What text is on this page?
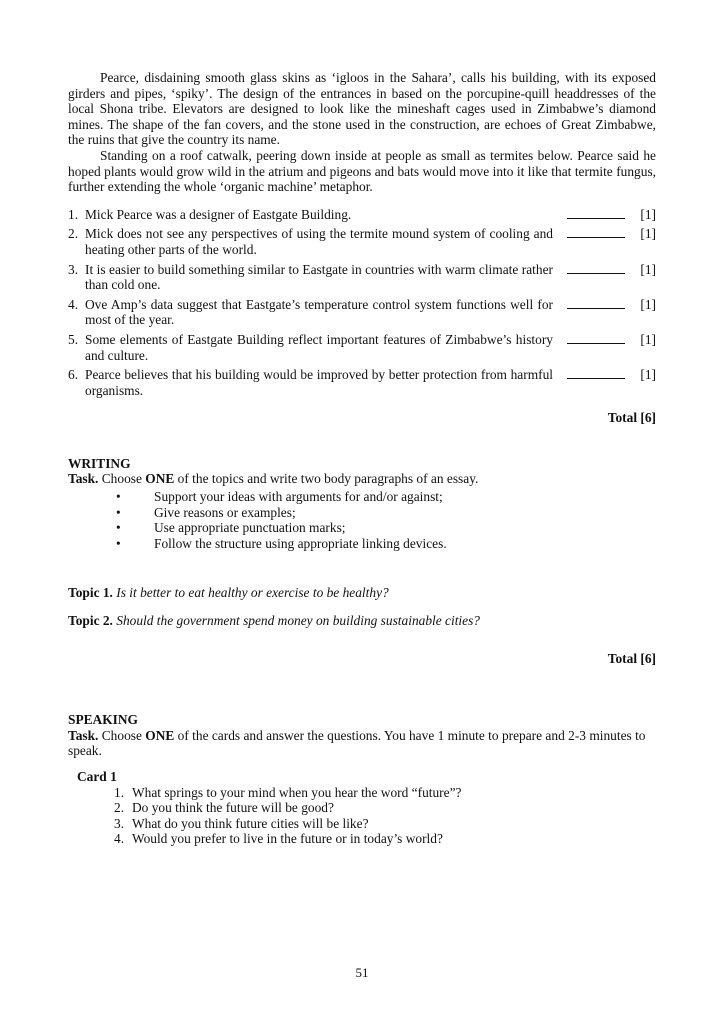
Pearce, disdaining smooth glass skins as ‘igloos in the Sahara’, calls his building, with its exposed girders and pipes, ‘spiky’. The design of the entrances in based on the porcupine-quill headdresses of the local Shona tribe. Elevators are designed to look like the mineshaft cages used in Zimbabwe’s diamond mines. The shape of the fan covers, and the stone used in the construction, are echoes of Great Zimbabwe, the ruins that give the country its name.

Standing on a roof catwalk, peering down inside at people as small as termites below. Pearce said he hoped plants would grow wild in the atrium and pigeons and bats would move into it like that termite fungus, further extending the whole ‘organic machine’ metaphor.

1. Mick Pearce was a designer of Eastgate Building.	[1]
2. Mick does not see any perspectives of using the termite mound system of cooling and heating other parts of the world.
[1]
3. It is easier to build something similar to Eastgate in countries with warm climate rather than cold one.
[1]
4. Ove Amp’s data suggest that Eastgate’s temperature control system functions well for most of the year.
[1]
5. Some elements of Eastgate Building reflect important features of Zimbabwe’s history and culture.
[1]
6. Pearce believes that his building would be improved by better protection from harmful organisms.
[1]
Total [6]
WRITING

Task. Choose ONE of the topics and write two body paragraphs of an essay.

• Support your ideas with arguments for and/or against;
• Give reasons or examples;
• Use appropriate punctuation marks;
• Follow the structure using appropriate linking devices.

Topic 1. Is it better to eat healthy or exercise to be healthy?

Topic 2. Should the government spend money on building sustainable cities?

Total [6]
SPEAKING

Task. Choose ONE of the cards and answer the questions. You have 1 minute to prepare and 2-3 minutes to speak.

Card 1
1. What springs to your mind when you hear the word “future”?
2. Do you think the future will be good?
3. What do you think future cities will be like?
4. Would you prefer to live in the future or in today’s world?
51
